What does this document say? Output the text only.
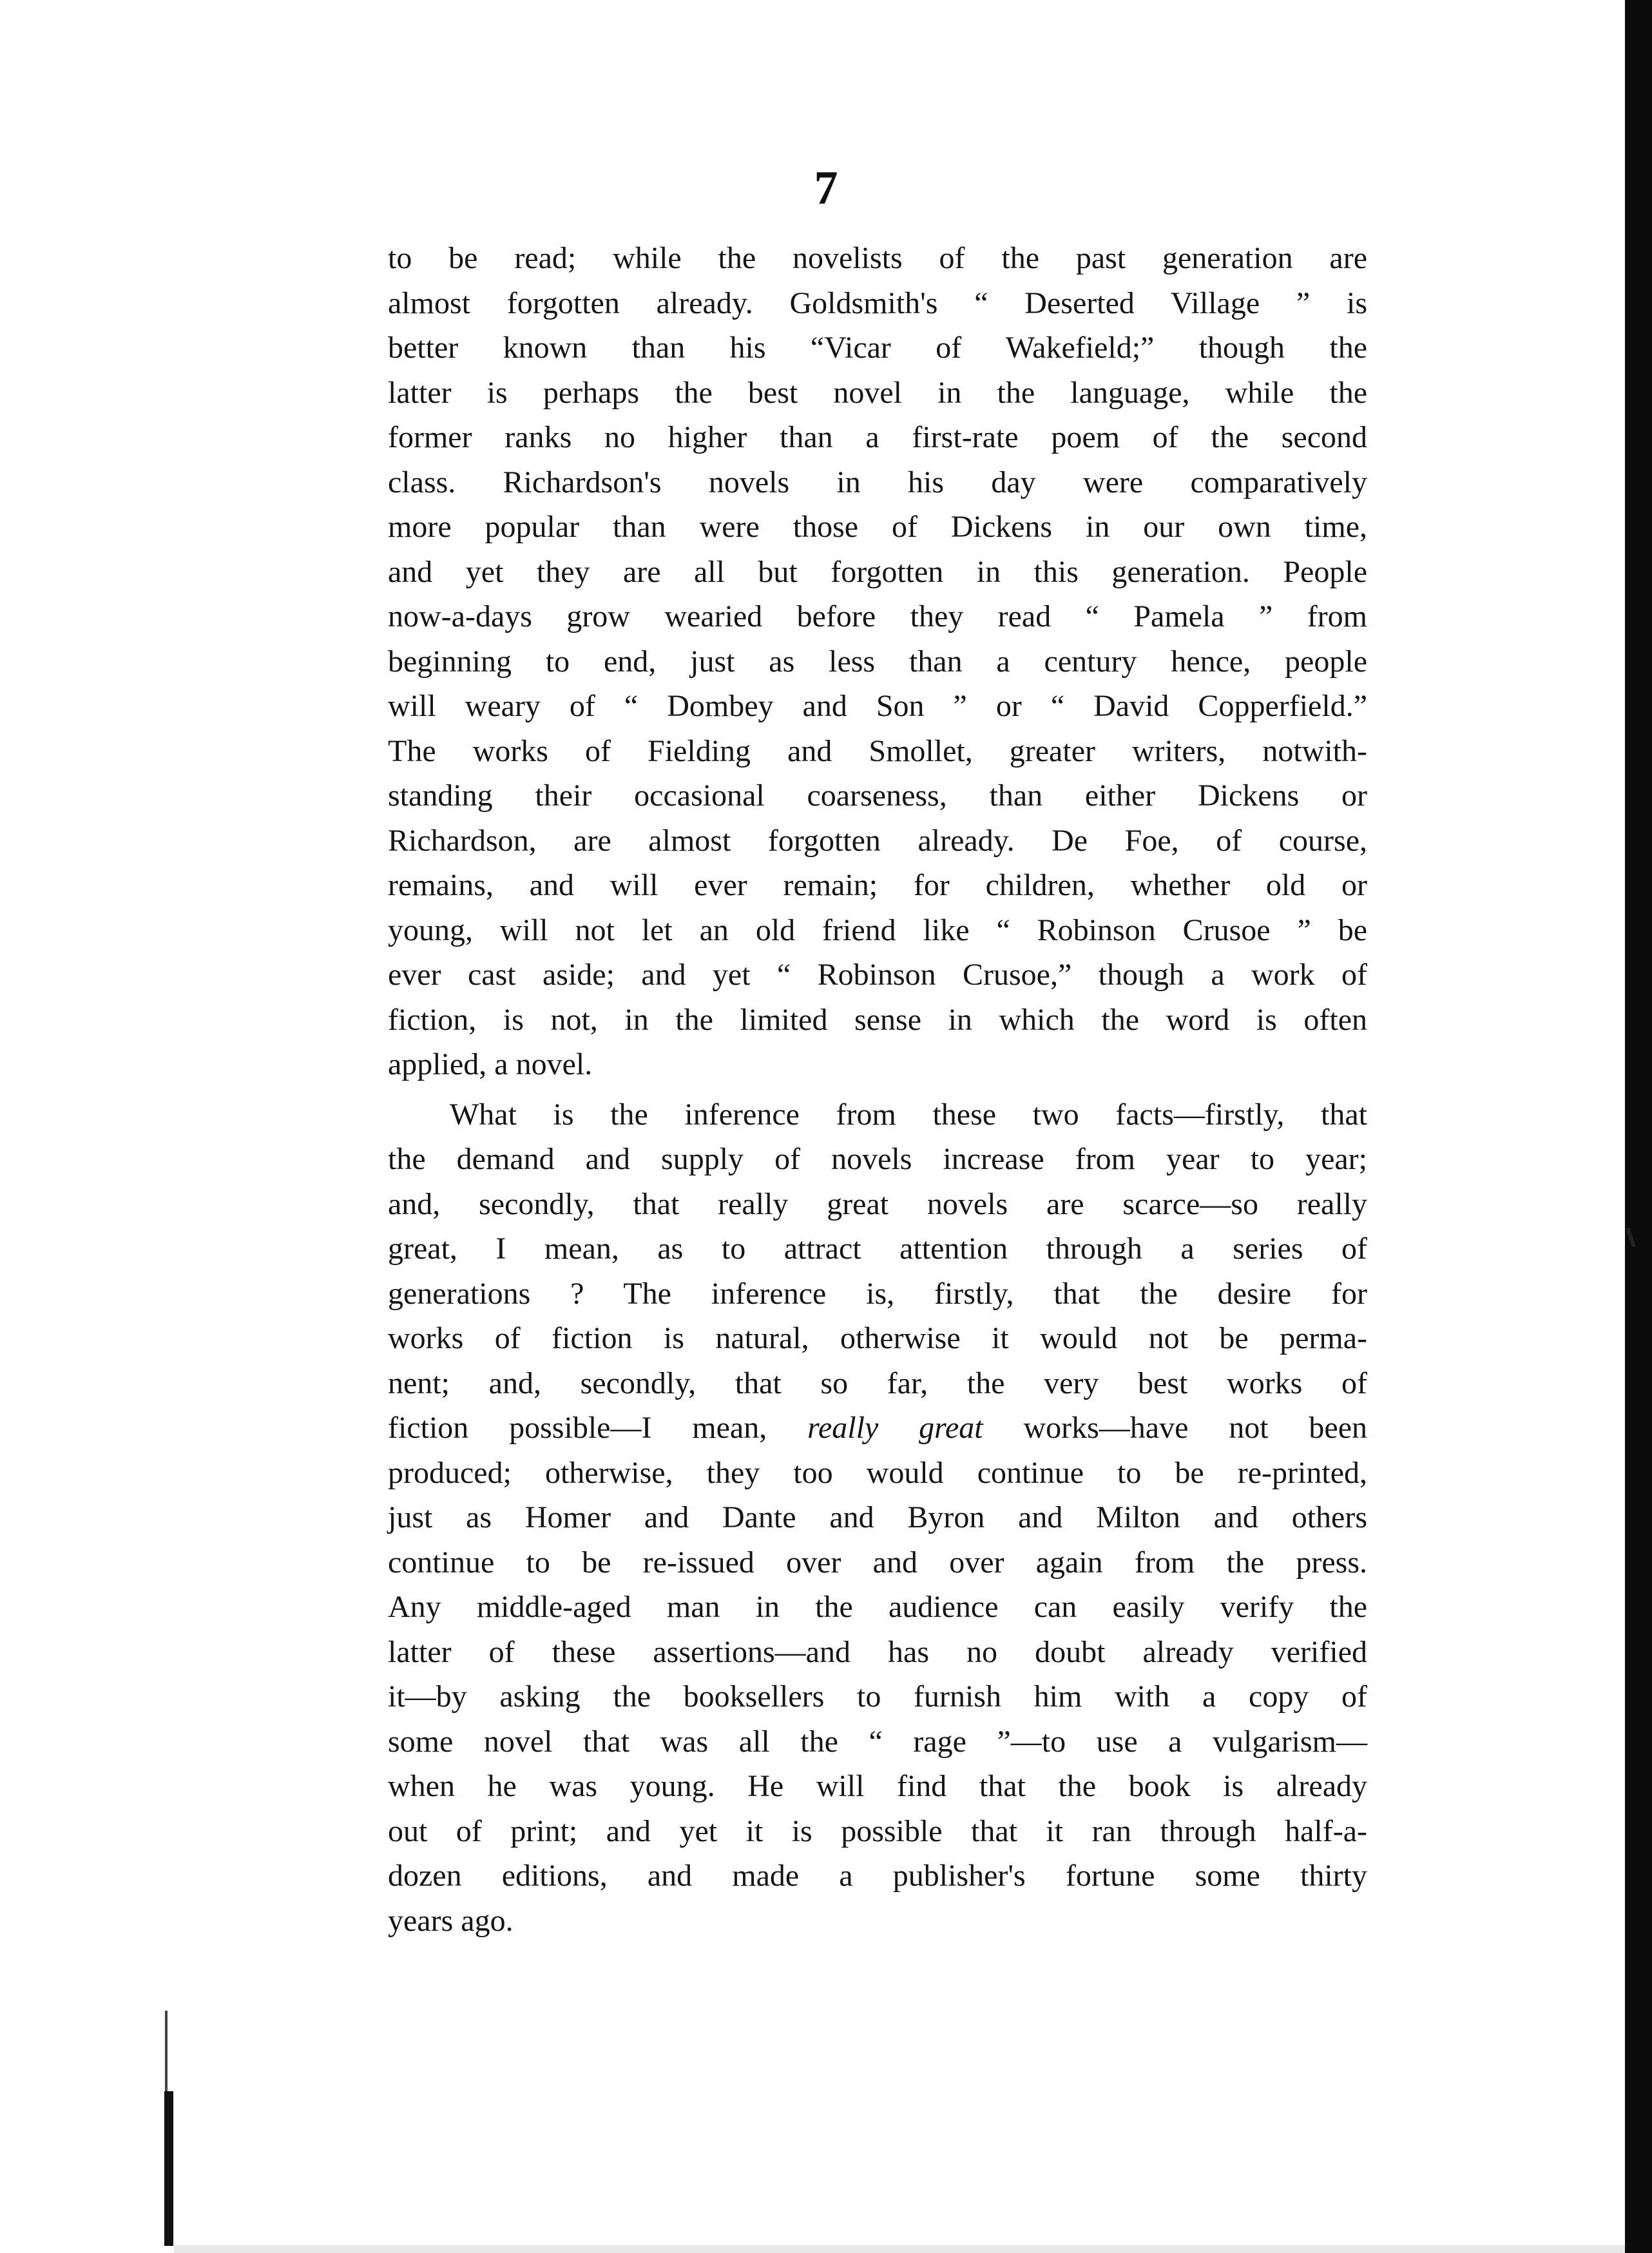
7
to be read; while the novelists of the past generation are
almost forgotten already. Goldsmith's “ Deserted Village ” is
better known than his “Vicar of Wakefield;” though the
latter is perhaps the best novel in the language, while the
former ranks no higher than a first-rate poem of the second
class. Richardson's novels in his day were comparatively
more popular than were those of Dickens in our own time,
and yet they are all but forgotten in this generation. People
now-a-days grow wearied before they read “ Pamela ” from
beginning to end, just as less than a century hence, people
will weary of “ Dombey and Son ” or “ David Copperfield.”
The works of Fielding and Smollet, greater writers, notwith-
standing their occasional coarseness, than either Dickens or
Richardson, are almost forgotten already. De Foe, of course,
remains, and will ever remain; for children, whether old or
young, will not let an old friend like “ Robinson Crusoe ” be
ever cast aside; and yet “ Robinson Crusoe,” though a work of
fiction, is not, in the limited sense in which the word is often
applied, a novel.
What is the inference from these two facts—firstly, that
the demand and supply of novels increase from year to year;
and, secondly, that really great novels are scarce—so really
great, I mean, as to attract attention through a series of
generations ? The inference is, firstly, that the desire for
works of fiction is natural, otherwise it would not be perma-
nent; and, secondly, that so far, the very best works of
fiction possible—I mean, really great works—have not been
produced; otherwise, they too would continue to be re-printed,
just as Homer and Dante and Byron and Milton and others
continue to be re-issued over and over again from the press.
Any middle-aged man in the audience can easily verify the
latter of these assertions—and has no doubt already verified
it—by asking the booksellers to furnish him with a copy of
some novel that was all the “ rage ”—to use a vulgarism—
when he was young. He will find that the book is already
out of print; and yet it is possible that it ran through half-a-
dozen editions, and made a publisher's fortune some thirty
years ago.
